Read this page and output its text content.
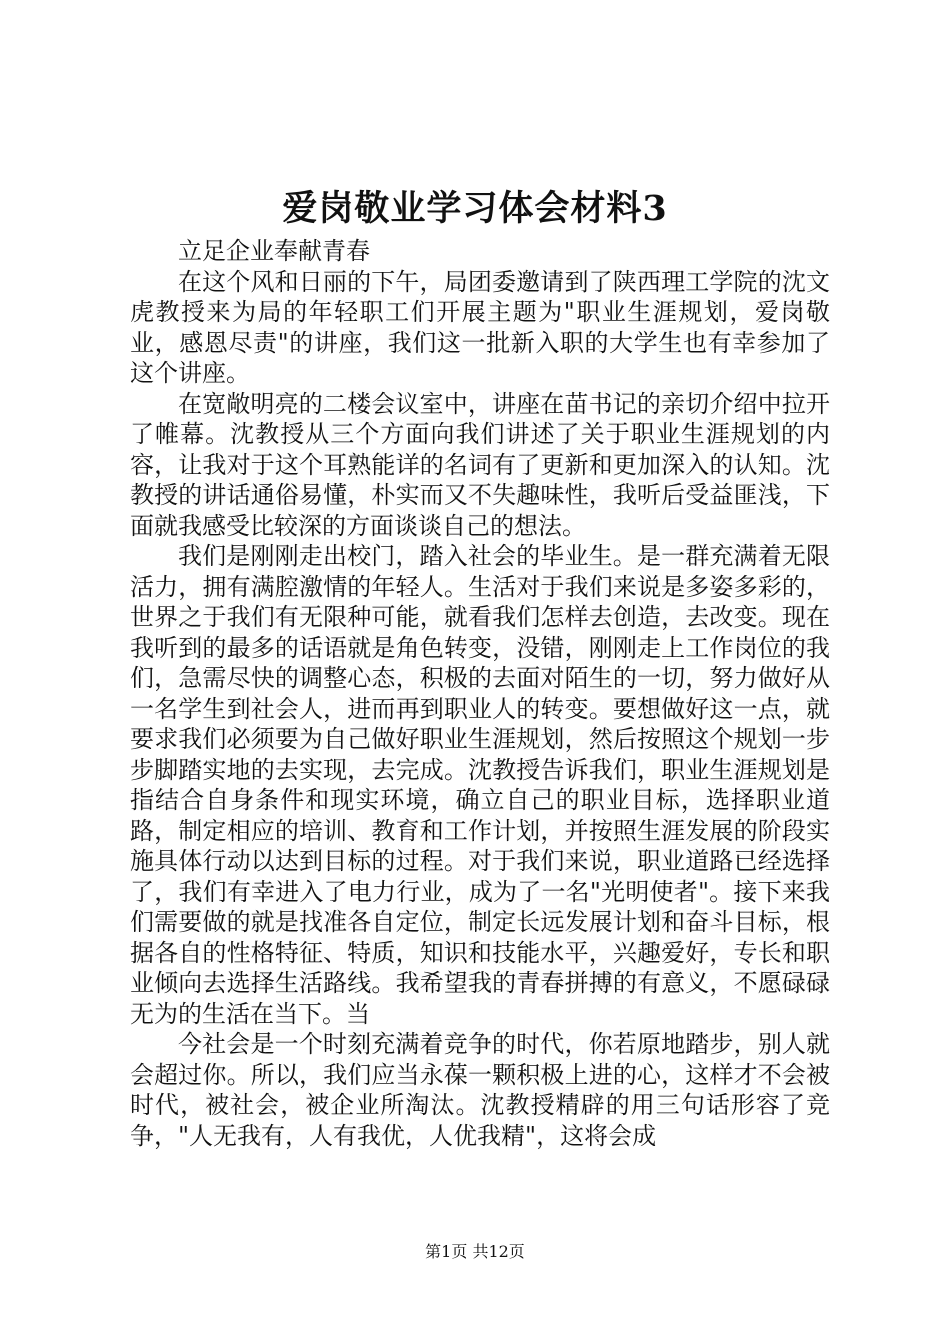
爱岗敬业学习体会材料3

立足企业奉献青春

在这个风和日丽的下午，局团委邀请到了陕西理工学院的沈文虎教授来为局的年轻职工们开展主题为"职业生涯规划，爱岗敬业，感恩尽责"的讲座，我们这一批新入职的大学生也有幸参加了这个讲座。

在宽敞明亮的二楼会议室中，讲座在苗书记的亲切介绍中拉开了帷幕。沈教授从三个方面向我们讲述了关于职业生涯规划的内容，让我对于这个耳熟能详的名词有了更新和更加深入的认知。沈教授的讲话通俗易懂，朴实而又不失趣味性，我听后受益匪浅，下面就我感受比较深的方面谈谈自己的想法。

我们是刚刚走出校门，踏入社会的毕业生。是一群充满着无限活力，拥有满腔激情的年轻人。生活对于我们来说是多姿多彩的，世界之于我们有无限种可能，就看我们怎样去创造，去改变。现在我听到的最多的话语就是角色转变，没错，刚刚走上工作岗位的我们，急需尽快的调整心态，积极的去面对陌生的一切，努力做好从一名学生到社会人，进而再到职业人的转变。要想做好这一点，就要求我们必须要为自己做好职业生涯规划，然后按照这个规划一步步脚踏实地的去实现，去完成。沈教授告诉我们，职业生涯规划是指结合自身条件和现实环境，确立自己的职业目标，选择职业道路，制定相应的培训、教育和工作计划，并按照生涯发展的阶段实施具体行动以达到目标的过程。对于我们来说，职业道路已经选择了，我们有幸进入了电力行业，成为了一名"光明使者"。接下来我们需要做的就是找准各自定位，制定长远发展计划和奋斗目标，根据各自的性格特征、特质，知识和技能水平，兴趣爱好，专长和职业倾向去选择生活路线。我希望我的青春拼搏的有意义，不愿碌碌无为的生活在当下。当

今社会是一个时刻充满着竞争的时代，你若原地踏步，别人就会超过你。所以，我们应当永葆一颗积极上进的心，这样才不会被时代，被社会，被企业所淘汰。沈教授精辟的用三句话形容了竞争，"人无我有，人有我优，人优我精"，这将会成

第1页 共12页
